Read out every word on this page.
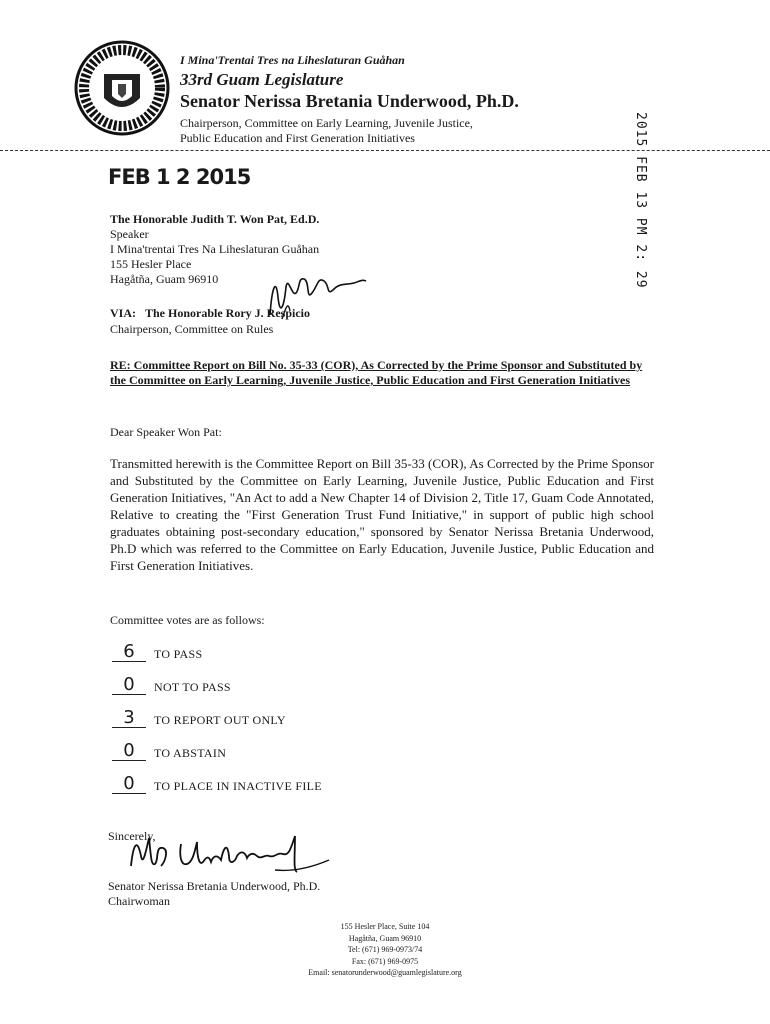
I Mina'Trentai Tres na Liheslaturan Guåhan
33rd Guam Legislature
Senator Nerissa Bretania Underwood, Ph.D.
Chairperson, Committee on Early Learning, Juvenile Justice,
Public Education and First Generation Initiatives
FEB 1 2 2015	2015 FEB 13 PM 2: 29
The Honorable Judith T. Won Pat, Ed.D.
Speaker
I Mina'trentai Tres Na Liheslaturan Guåhan
155 Hesler Place
Hagåtña, Guam 96910
VIA: The Honorable Rory J. Respicio
Chairperson, Committee on Rules
RE: Committee Report on Bill No. 35-33 (COR), As Corrected by the Prime Sponsor and Substituted by the Committee on Early Learning, Juvenile Justice, Public Education and First Generation Initiatives
Dear Speaker Won Pat:
Transmitted herewith is the Committee Report on Bill 35-33 (COR), As Corrected by the Prime Sponsor and Substituted by the Committee on Early Learning, Juvenile Justice, Public Education and First Generation Initiatives, "An Act to add a New Chapter 14 of Division 2, Title 17, Guam Code Annotated, Relative to creating the "First Generation Trust Fund Initiative," in support of public high school graduates obtaining post-secondary education," sponsored by Senator Nerissa Bretania Underwood, Ph.D which was referred to the Committee on Early Education, Juvenile Justice, Public Education and First Generation Initiatives.
Committee votes are as follows:
6	TO PASS
0	NOT TO PASS
3	TO REPORT OUT ONLY
0	TO ABSTAIN
0	TO PLACE IN INACTIVE FILE
Sincerely,
Senator Nerissa Bretania Underwood, Ph.D.
Chairwoman
155 Hesler Place, Suite 104
Hagåtña, Guam 96910
Tel: (671) 969-0973/74
Fax: (671) 969-0975
Email: senatorunderwood@guamlegislature.org
